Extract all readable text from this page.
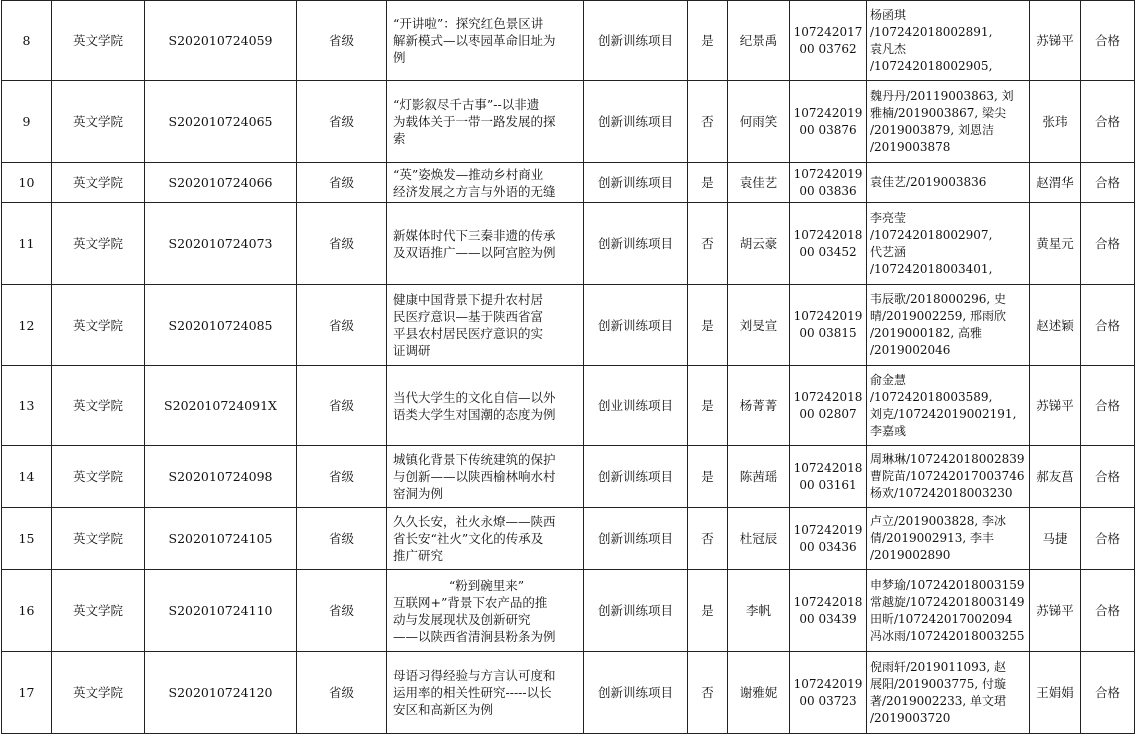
8	英文学院	S202010724059	省级	“开讲啦”：探究红色景区讲
解新模式—以枣园革命旧址为
例	创新训练项目	是	纪景禹	10724201700 03762	杨函琪
/107242018002891,
袁凡杰
/107242018002905,	苏锑平	合格
9	英文学院	S202010724065	省级	“灯影叙尽千古事”--以非遗
为载体关于一带一路发展的探
索	创新训练项目	否	何雨笑	10724201900 03876	魏丹丹/20119003863, 刘
雅楠/2019003867, 梁尖
/2019003879, 刘恩洁
/2019003878	张玮	合格
10	英文学院	S202010724066	省级	“英”姿焕发—推动乡村商业
经济发展之方言与外语的无缝	创新训练项目	是	袁佳艺	10724201900 03836	袁佳艺/2019003836	赵渭华	合格
11	英文学院	S202010724073	省级	新媒体时代下三秦非遗的传承
及双语推广——以阿宫腔为例	创新训练项目	否	胡云豪	10724201800 03452	李亮莹
/107242018002907,
代艺涵
/107242018003401,	黄星元	合格
12	英文学院	S202010724085	省级	健康中国背景下提升农村居
民医疗意识—基于陕西省富
平县农村居民医疗意识的实
证调研	创新训练项目	是	刘旻宣	10724201900 03815	韦辰歌/2018000296, 史
晴/2019002259, 邢雨欣
/2019000182, 高雅
/2019002046	赵述颖	合格
13	英文学院	S202010724091X	省级	当代大学生的文化自信—以外
语类大学生对国潮的态度为例	创业训练项目	是	杨菁菁	10724201800 02807	俞金慧
/107242018003589,
刘克/107242019002191,
李嘉彧	苏锑平	合格
14	英文学院	S202010724098	省级	城镇化背景下传统建筑的保护
与创新——以陕西榆林响水村
窑洞为例	创新训练项目	是	陈茜瑶	10724201800 03161	周琳琳/107242018002839
曹院苗/107242017003746
杨欢/107242018003230	郝友菖	合格
15	英文学院	S202010724105	省级	久久长安，社火永燎——陕西
省长安“社火”文化的传承及
推广研究	创新训练项目	否	杜冠辰	10724201900 03436	卢立/2019003828, 李冰
倩/2019002913, 李丰
/2019002890	马捷	合格
16	英文学院	S202010724110	省级	“粉到碗里来”
互联网+”背景下农产品的推
动与发展现状及创新研究
——以陕西省清涧县粉条为例	创新训练项目	是	李帆	10724201800 03439	申梦瑜/107242018003159
常越旋/107242018003149
田昕/107242017002094
冯冰雨/107242018003255	苏锑平	合格
17	英文学院	S202010724120	省级	母语习得经验与方言认可度和
运用率的相关性研究-----以长
安区和高新区为例	创新训练项目	否	谢雅妮	10724201900 03723	倪雨轩/2019011093, 赵
展阳/2019003775, 付璇
著/2019002233, 单文珺
/2019003720	王娟娟	合格
